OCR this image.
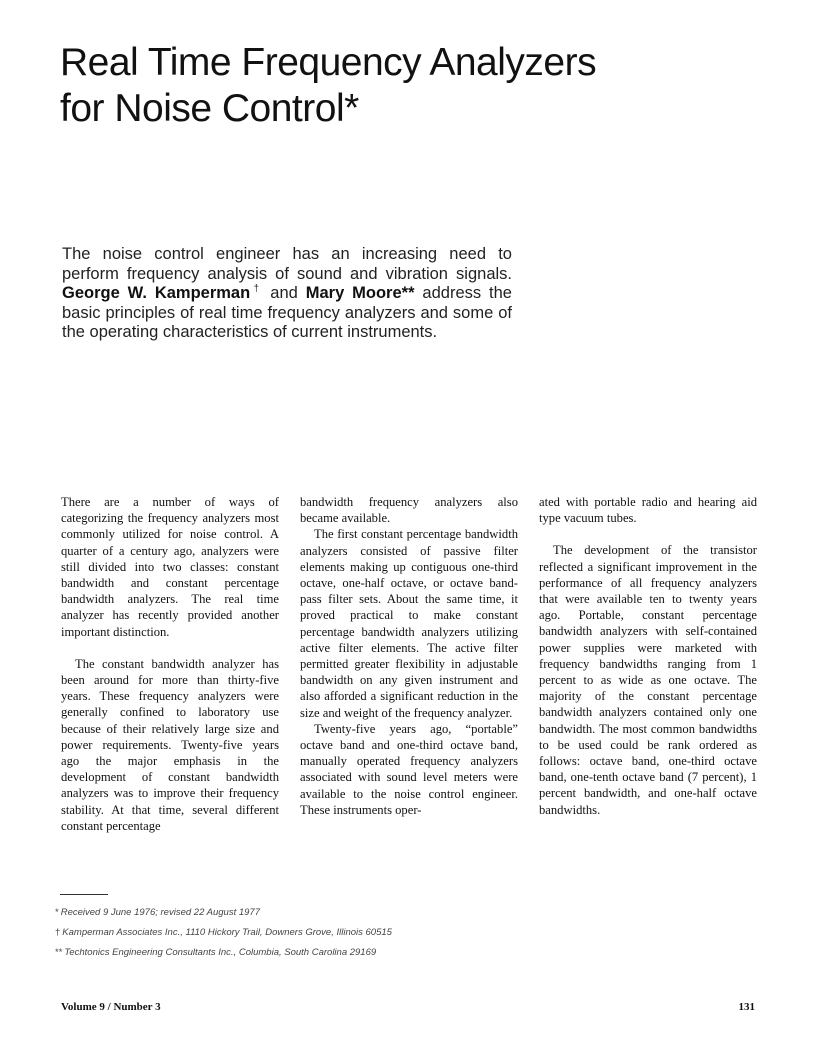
Real Time Frequency Analyzers
for Noise Control*

The noise control engineer has an increasing need to perform frequency analysis of sound and vibration signals. George W. Kamperman† and Mary Moore** address the basic principles of real time frequency analyzers and some of the operating characteristics of current instruments.

There are a number of ways of categorizing the frequency analyzers most commonly utilized for noise control. A quarter of a century ago, analyzers were still divided into two classes: constant bandwidth and constant percentage bandwidth analyzers. The real time analyzer has recently provided another important distinction.

The constant bandwidth analyzer has been around for more than thirty-five years. These frequency analyzers were generally confined to laboratory use because of their relatively large size and power requirements. Twenty-five years ago the major emphasis in the development of constant bandwidth analyzers was to improve their frequency stability. At that time, several different constant percentage

bandwidth frequency analyzers also became available.

The first constant percentage bandwidth analyzers consisted of passive filter elements making up contiguous one-third octave, one-half octave, or octave band-pass filter sets. About the same time, it proved practical to make constant percentage bandwidth analyzers utilizing active filter elements. The active filter permitted greater flexibility in adjustable bandwidth on any given instrument and also afforded a significant reduction in the size and weight of the frequency analyzer.

Twenty-five years ago, “portable” octave band and one-third octave band, manually operated frequency analyzers associated with sound level meters were available to the noise control engineer. These instruments oper-

ated with portable radio and hearing aid type vacuum tubes.

The development of the transistor reflected a significant improvement in the performance of all frequency analyzers that were available ten to twenty years ago. Portable, constant percentage bandwidth analyzers with self-contained power supplies were marketed with frequency bandwidths ranging from 1 percent to as wide as one octave. The majority of the constant percentage bandwidth analyzers contained only one bandwidth. The most common bandwidths to be used could be rank ordered as follows: octave band, one-third octave band, one-tenth octave band (7 percent), 1 percent bandwidth, and one-half octave bandwidths.

* Received 9 June 1976; revised 22 August 1977

† Kamperman Associates Inc., 1110 Hickory Trail, Downers Grove, Illinois 60515

** Techtonics Engineering Consultants Inc., Columbia, South Carolina 29169

Volume 9 / Number 3	131
